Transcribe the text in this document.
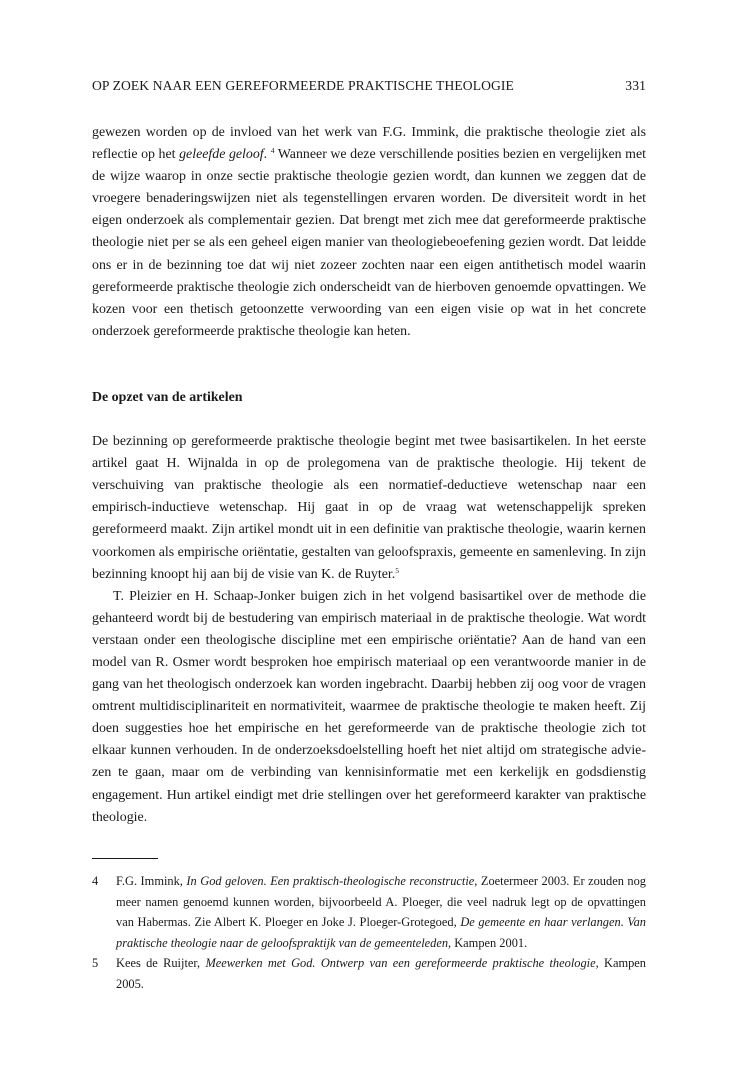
OP ZOEK NAAR EEN GEREFORMEERDE PRAKTISCHE THEOLOGIE	331

gewezen worden op de invloed van het werk van F.G. Immink, die praktische theologie ziet als reflectie op het geleefde geloof. $^4$ Wanneer we deze verschillende posities bezien en vergelijken met de wijze waarop in onze sectie praktische theologie gezien wordt, dan kunnen we zeggen dat de vroegere benaderingswijzen niet als tegenstellingen ervaren worden. De diversiteit wordt in het eigen onderzoek als complementair gezien. Dat brengt met zich mee dat gereformeerde praktische theologie niet per se als een geheel eigen manier van theologiebeoefening gezien wordt. Dat leidde ons er in de bezinning toe dat wij niet zozeer zochten naar een eigen antithetisch model waarin gereformeerde praktische theologie zich onderscheidt van de hierboven genoemde opvattingen. We kozen voor een thetisch getoonzette verwoording van een eigen visie op wat in het concrete onderzoek gereformeerde praktische theologie kan heten.

De opzet van de artikelen

De bezinning op gereformeerde praktische theologie begint met twee basisartikelen. In het eerste artikel gaat H. Wijnalda in op de prolegomena van de praktische theologie. Hij tekent de verschuiving van praktische theologie als een normatief-deductieve wetenschap naar een empirisch-inductieve wetenschap. Hij gaat in op de vraag wat wetenschappelijk spreken gereformeerd maakt. Zijn artikel mondt uit in een definitie van praktische theologie, waarin kernen voorkomen als empirische oriëntatie, gestalten van geloofspraxis, gemeente en samenleving. In zijn bezinning knoopt hij aan bij de visie van K. de Ruyter.$^5$

T. Pleizier en H. Schaap-Jonker buigen zich in het volgend basisartikel over de methode die gehanteerd wordt bij de bestudering van empirisch materiaal in de praktische theologie. Wat wordt verstaan onder een theologische discipline met een empirische oriëntatie? Aan de hand van een model van R. Osmer wordt besproken hoe empirisch materiaal op een verantwoorde manier in de gang van het theologisch onderzoek kan worden ingebracht. Daarbij hebben zij oog voor de vragen omtrent multidisciplinariteit en normativiteit, waarmee de praktische theologie te maken heeft. Zij doen suggesties hoe het empirische en het gereformeerde van de praktische theologie zich tot elkaar kunnen verhouden. In de onderzoeksdoelstelling hoeft het niet altijd om strategische adviezen te gaan, maar om de verbinding van kennisinformatie met een kerkelijk en godsdienstig engagement. Hun artikel eindigt met drie stellingen over het gereformeerd karakter van praktische theologie.

4	F.G. Immink, In God geloven. Een praktisch-theologische reconstructie, Zoetermeer 2003. Er zouden nog meer namen genoemd kunnen worden, bijvoorbeeld A. Ploeger, die veel nadruk legt op de opvattingen van Habermas. Zie Albert K. Ploeger en Joke J. Ploeger-Grotegoed, De gemeente en haar verlangen. Van praktische theologie naar de geloofspraktijk van de gemeenteleden, Kampen 2001.
5	Kees de Ruijter, Meewerken met God. Ontwerp van een gereformeerde praktische theologie, Kampen 2005.
